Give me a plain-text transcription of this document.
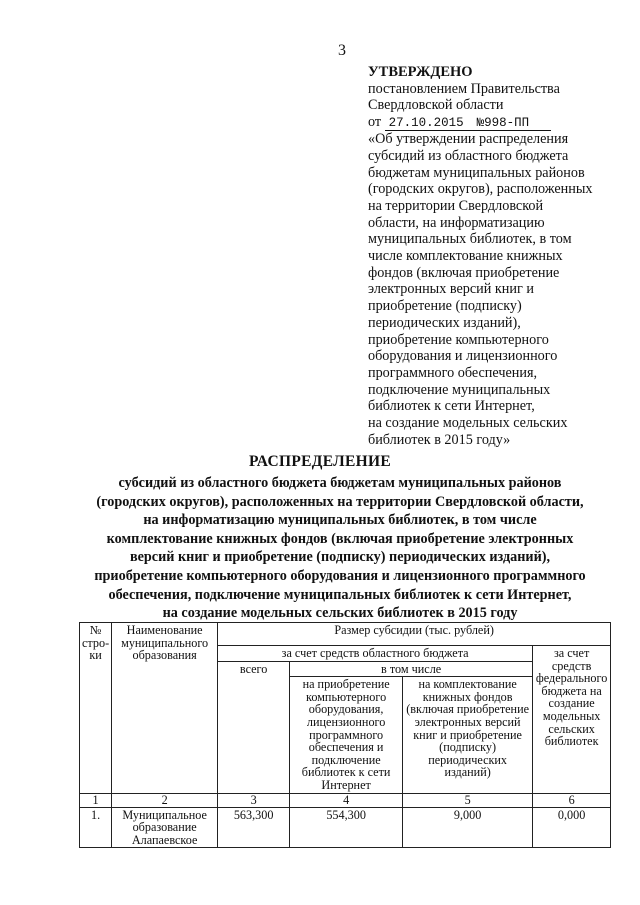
3
УТВЕРЖДЕНО
постановлением Правительства
Свердловской области
от 27.10.2015 №998-ПП
«Об утверждении распределения
субсидий из областного бюджета
бюджетам муниципальных районов
(городских округов), расположенных
на территории Свердловской
области, на информатизацию
муниципальных библиотек, в том
числе комплектование книжных
фондов (включая приобретение
электронных версий книг и
приобретение (подписку)
периодических изданий),
приобретение компьютерного
оборудования и лицензионного
программного обеспечения,
подключение муниципальных
библиотек к сети Интернет,
на создание модельных сельских
библиотек в 2015 году»
РАСПРЕДЕЛЕНИЕ
субсидий из областного бюджета бюджетам муниципальных районов
(городских округов), расположенных на территории Свердловской области,
на информатизацию муниципальных библиотек, в том числе
комплектование книжных фондов (включая приобретение электронных
версий книг и приобретение (подписку) периодических изданий),
приобретение компьютерного оборудования и лицензионного программного
обеспечения, подключение муниципальных библиотек к сети Интернет,
на создание модельных сельских библиотек в 2015 году
№ стро-ки	Наименование муниципального образования	Размер субсидии (тыс. рублей)			
		за счет средств областного бюджета			за счет средств федерального бюджета на создание модельных сельских библиотек
		всего	в том числе		
			на приобретение компьютерного оборудования, лицензионного программного обеспечения и подключение библиотек к сети Интернет	на комплектование книжных фондов (включая приобретение электронных версий книг и приобретение (подписку) периодических изданий)	
1	2	3	4	5	6
1.	Муниципальное образование Алапаевское	563,300	554,300	9,000	0,000
